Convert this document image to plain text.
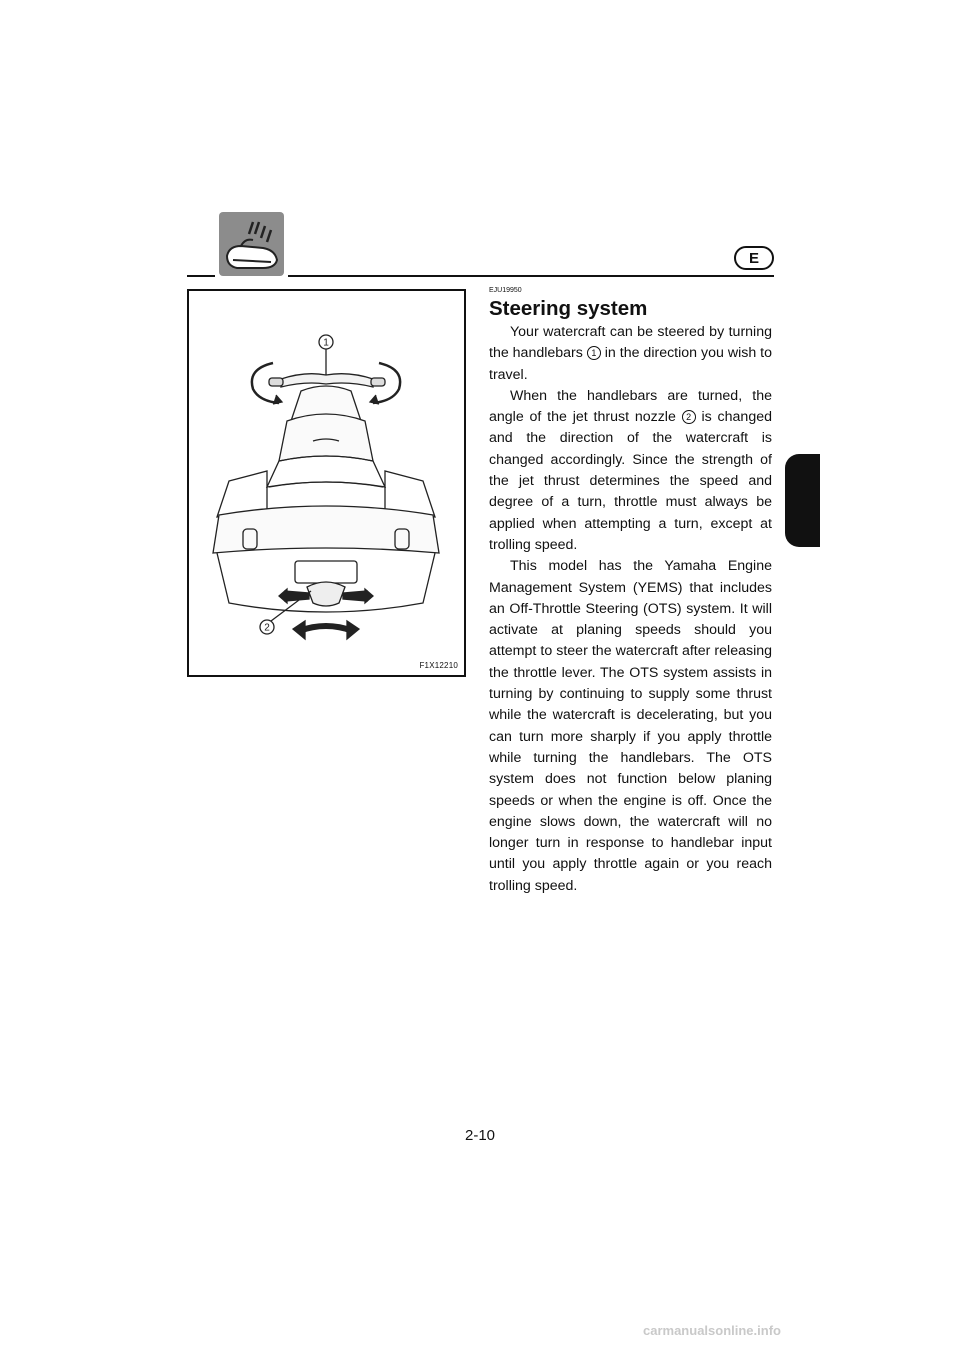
E
1
2
F1X12210
EJU19950
Steering system

Your watercraft can be steered by turning the handlebars 1 in the direction you wish to travel.

When the handlebars are turned, the angle of the jet thrust nozzle 2 is changed and the direction of the watercraft is changed accordingly. Since the strength of the jet thrust determines the speed and degree of a turn, throttle must always be applied when attempting a turn, except at trolling speed.

This model has the Yamaha Engine Management System (YEMS) that includes an Off-Throttle Steering (OTS) system. It will activate at planing speeds should you attempt to steer the watercraft after releasing the throttle lever. The OTS system assists in turning by continuing to supply some thrust while the watercraft is decelerating, but you can turn more sharply if you apply throttle while turning the handlebars. The OTS system does not function below planing speeds or when the engine is off. Once the engine slows down, the watercraft will no longer turn in response to handlebar input until you apply throttle again or you reach trolling speed.

2-10
carmanualsonline.info
